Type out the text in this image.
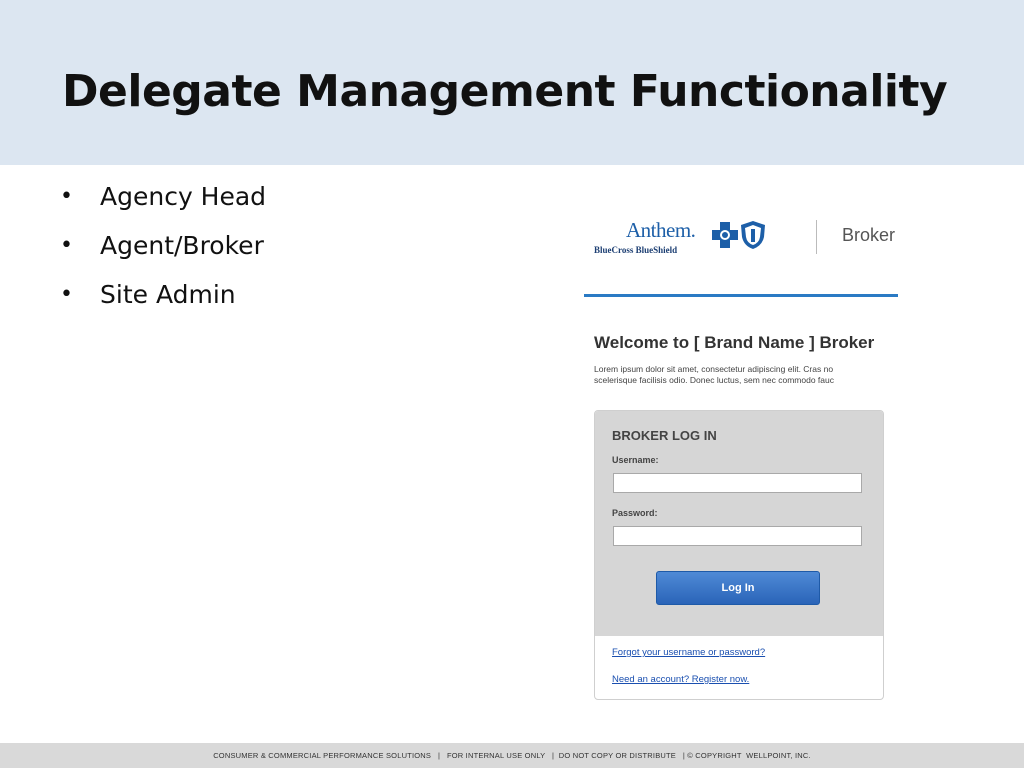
Delegate Management Functionality
•	Agency Head
•	Agent/Broker
•	Site Admin
Anthem.
BlueCross BlueShield
Broker
Welcome to [ Brand Name ] Broker
Lorem ipsum dolor sit amet, consectetur adipiscing elit. Cras no
scelerisque facilisis odio. Donec luctus, sem nec commodo fauc
BROKER LOG IN
Username:
Password:
Log In
Forgot your username or password?
Need an account? Register now.
CONSUMER & COMMERCIAL PERFORMANCE SOLUTIONS   |   FOR INTERNAL USE ONLY   |  DO NOT COPY OR DISTRIBUTE   | © COPYRIGHT  WELLPOINT, INC.
